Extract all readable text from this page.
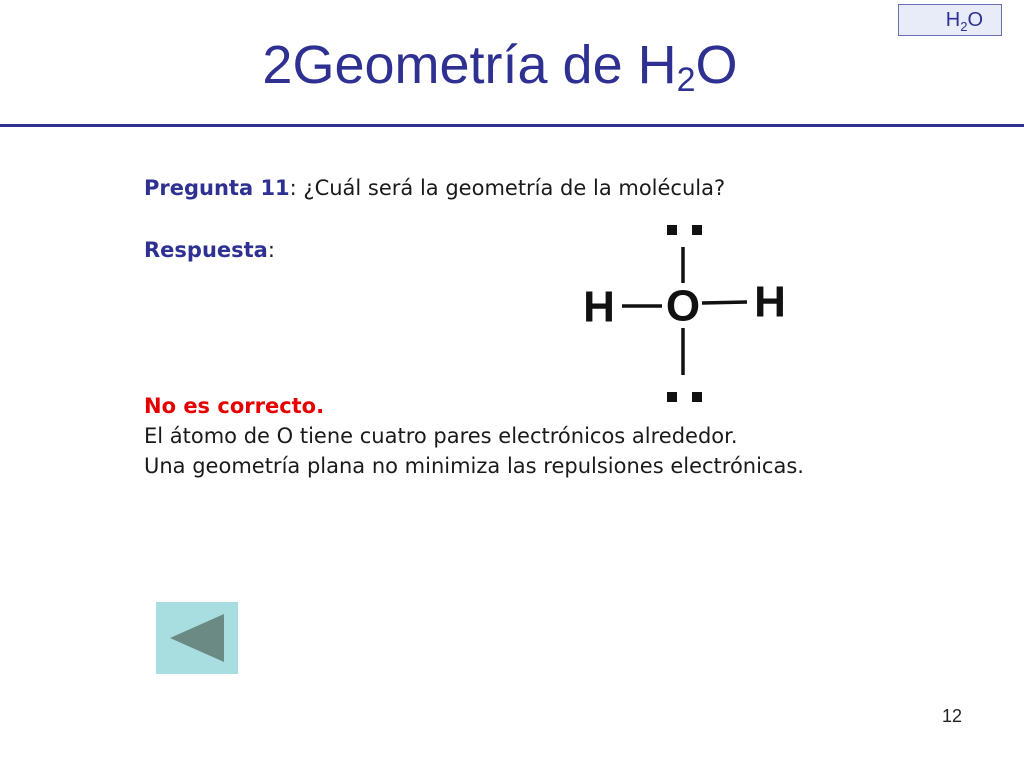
$H_2O$
2Geometría de $H_2O$
Pregunta 11: ¿Cuál será la geometría de la molécula?
Respuesta:
H O H
No es correcto.
El átomo de O tiene cuatro pares electrónicos alrededor.
Una geometría plana no minimiza las repulsiones electrónicas.
12
